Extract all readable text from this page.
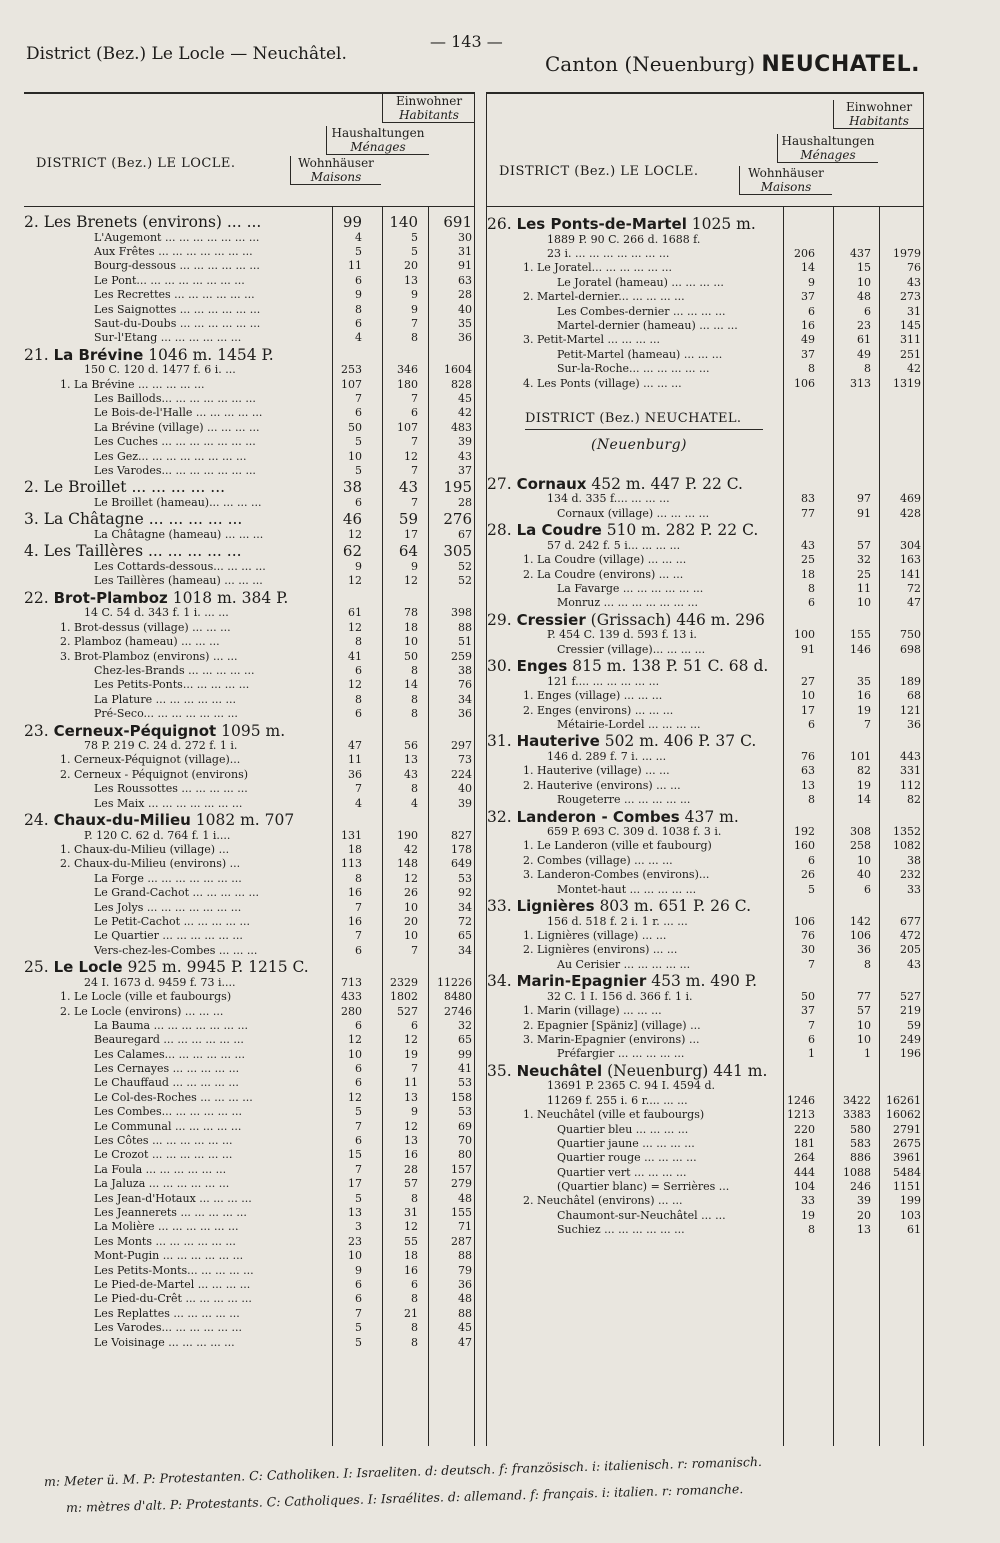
District (Bez.) Le Locle — Neuchâtel.
— 143 —
Canton (Neuenburg) NEUCHATEL.
DISTRICT (Bez.) LE LOCLE.
Einwohner
Habitants
Haushaltungen
Ménages
Wohnhäuser
Maisons
2. Les Brenets (environs) ... ...	99	140	691
L'Augemont ... ... ... ... ... ... ...	4	5	30
Aux Frêtes ... ... ... ... ... ... ...	5	5	31
Bourg-dessous ... ... ... ... ... ...	11	20	91
Le Pont... ... ... ... ... ... ... ...	6	13	63
Les Recrettes ... ... ... ... ... ...	9	9	28
Les Saignottes ... ... ... ... ... ...	8	9	40
Saut-du-Doubs ... ... ... ... ... ...	6	7	35
Sur-l'Etang ... ... ... ... ... ...	4	8	36
21. La Brévine 1046 m. 1454 P.
150 C. 120 d. 1477 f. 6 i. ...	253	346	1604
1. La Brévine ... ... ... ... ...	107	180	828
Les Baillods... ... ... ... ... ... ...	7	7	45
Le Bois-de-l'Halle ... ... ... ... ...	6	6	42
La Brévine (village) ... ... ... ...	50	107	483
Les Cuches ... ... ... ... ... ... ...	5	7	39
Les Gez... ... ... ... ... ... ... ...	10	12	43
Les Varodes... ... ... ... ... ... ...	5	7	37
2. Le Broillet ... ... ... ... ...	38	43	195
Le Broillet (hameau)... ... ... ...	6	7	28
3. La Châtagne ... ... ... ... ...	46	59	276
La Châtagne (hameau) ... ... ...	12	17	67
4. Les Taillères ... ... ... ... ...	62	64	305
Les Cottards-dessous... ... ... ...	9	9	52
Les Taillères (hameau) ... ... ...	12	12	52
22. Brot-Plamboz 1018 m. 384 P.
14 C. 54 d. 343 f. 1 i. ... ...	61	78	398
1. Brot-dessus (village) ... ... ...	12	18	88
2. Plamboz (hameau) ... ... ...	8	10	51
3. Brot-Plamboz (environs) ... ...	41	50	259
Chez-les-Brands ... ... ... ... ...	6	8	38
Les Petits-Ponts... ... ... ... ...	12	14	76
La Plature ... ... ... ... ... ...	8	8	34
Pré-Seco... ... ... ... ... ... ...	6	8	36
23. Cerneux-Péquignot 1095 m.
78 P. 219 C. 24 d. 272 f. 1 i.	47	56	297
1. Cerneux-Péquignot (village)...	11	13	73
2. Cerneux - Péquignot (environs)	36	43	224
Les Roussottes ... ... ... ... ...	7	8	40
Les Maix ... ... ... ... ... ... ...	4	4	39
24. Chaux-du-Milieu 1082 m. 707
P. 120 C. 62 d. 764 f. 1 i....	131	190	827
1. Chaux-du-Milieu (village) ...	18	42	178
2. Chaux-du-Milieu (environs) ...	113	148	649
La Forge ... ... ... ... ... ... ...	8	12	53
Le Grand-Cachot ... ... ... ... ...	16	26	92
Les Jolys ... ... ... ... ... ... ...	7	10	34
Le Petit-Cachot ... ... ... ... ...	16	20	72
Le Quartier ... ... ... ... ... ...	7	10	65
Vers-chez-les-Combes ... ... ...	6	7	34
25. Le Locle 925 m. 9945 P. 1215 C.
24 I. 1673 d. 9459 f. 73 i....	713	2329	11226
1. Le Locle (ville et faubourgs)	433	1802	8480
2. Le Locle (environs) ... ... ...	280	527	2746
La Bauma ... ... ... ... ... ... ...	6	6	32
Beauregard ... ... ... ... ... ...	12	12	65
Les Calames... ... ... ... ... ...	10	19	99
Les Cernayes ... ... ... ... ...	6	7	41
Le Chauffaud ... ... ... ... ...	6	11	53
Le Col-des-Roches ... ... ... ...	12	13	158
Les Combes... ... ... ... ... ...	5	9	53
Le Communal ... ... ... ... ...	7	12	69
Les Côtes ... ... ... ... ... ...	6	13	70
Le Crozot ... ... ... ... ... ...	15	16	80
La Foula ... ... ... ... ... ...	7	28	157
La Jaluza ... ... ... ... ... ...	17	57	279
Les Jean-d'Hotaux ... ... ... ...	5	8	48
Les Jeannerets ... ... ... ... ...	13	31	155
La Molière ... ... ... ... ... ...	3	12	71
Les Monts ... ... ... ... ... ...	23	55	287
Mont-Pugin ... ... ... ... ... ...	10	18	88
Les Petits-Monts... ... ... ... ...	9	16	79
Le Pied-de-Martel ... ... ... ...	6	6	36
Le Pied-du-Crêt ... ... ... ... ...	6	8	48
Les Replattes ... ... ... ... ...	7	21	88
Les Varodes... ... ... ... ... ...	5	8	45
Le Voisinage ... ... ... ... ...	5	8	47
DISTRICT (Bez.) LE LOCLE.
Einwohner
Habitants
Haushaltungen
Ménages
Wohnhäuser
Maisons
26. Les Ponts-de-Martel 1025 m.
1889 P. 90 C. 266 d. 1688 f.
23 i. ... ... ... ... ... ... ...	206	437	1979
1. Le Joratel... ... ... ... ... ...	14	15	76
Le Joratel (hameau) ... ... ... ...	9	10	43
2. Martel-dernier... ... ... ... ...	37	48	273
Les Combes-dernier ... ... ... ...	6	6	31
Martel-dernier (hameau) ... ... ...	16	23	145
3. Petit-Martel ... ... ... ...	49	61	311
Petit-Martel (hameau) ... ... ...	37	49	251
Sur-la-Roche... ... ... ... ... ...	8	8	42
4. Les Ponts (village) ... ... ...	106	313	1319
DISTRICT (Bez.) NEUCHATEL.
(Neuenburg)
27. Cornaux 452 m. 447 P. 22 C.
134 d. 335 f.... ... ... ...	83	97	469
Cornaux (village) ... ... ... ...	77	91	428
28. La Coudre 510 m. 282 P. 22 C.
57 d. 242 f. 5 i... ... ... ...	43	57	304
1. La Coudre (village) ... ... ...	25	32	163
2. La Coudre (environs) ... ...	18	25	141
La Favarge ... ... ... ... ... ...	8	11	72
Monruz ... ... ... ... ... ... ...	6	10	47
29. Cressier (Grissach) 446 m. 296
P. 454 C. 139 d. 593 f. 13 i.	100	155	750
Cressier (village)... ... ... ...	91	146	698
30. Enges 815 m. 138 P. 51 C. 68 d.
121 f.... ... ... ... ... ...	27	35	189
1. Enges (village) ... ... ...	10	16	68
2. Enges (environs) ... ... ...	17	19	121
Métairie-Lordel ... ... ... ...	6	7	36
31. Hauterive 502 m. 406 P. 37 C.
146 d. 289 f. 7 i. ... ...	76	101	443
1. Hauterive (village) ... ...	63	82	331
2. Hauterive (environs) ... ...	13	19	112
Rougeterre ... ... ... ... ...	8	14	82
32. Landeron - Combes 437 m.
659 P. 693 C. 309 d. 1038 f. 3 i.	192	308	1352
1. Le Landeron (ville et faubourg)	160	258	1082
2. Combes (village) ... ... ...	6	10	38
3. Landeron-Combes (environs)...	26	40	232
Montet-haut ... ... ... ... ...	5	6	33
33. Lignières 803 m. 651 P. 26 C.
156 d. 518 f. 2 i. 1 r. ... ...	106	142	677
1. Lignières (village) ... ...	76	106	472
2. Lignières (environs) ... ...	30	36	205
Au Cerisier ... ... ... ... ...	7	8	43
34. Marin-Epagnier 453 m. 490 P.
32 C. 1 I. 156 d. 366 f. 1 i.	50	77	527
1. Marin (village) ... ... ...	37	57	219
2. Epagnier [Späniz] (village) ...	7	10	59
3. Marin-Epagnier (environs) ...	6	10	249
Préfargier ... ... ... ... ...	1	1	196
35. Neuchâtel (Neuenburg) 441 m.
13691 P. 2365 C. 94 I. 4594 d.
11269 f. 255 i. 6 r.... ... ...	1246	3422	16261
1. Neuchâtel (ville et faubourgs)	1213	3383	16062
Quartier bleu ... ... ... ...	220	580	2791
Quartier jaune ... ... ... ...	181	583	2675
Quartier rouge ... ... ... ...	264	886	3961
Quartier vert ... ... ... ...	444	1088	5484
(Quartier blanc) = Serrières ...	104	246	1151
2. Neuchâtel (environs) ... ...	33	39	199
Chaumont-sur-Neuchâtel ... ...	19	20	103
Suchiez ... ... ... ... ... ...	8	13	61
m: Meter ü. M. P: Protestanten. C: Catholiken. I: Israeliten. d: deutsch. f: französisch. i: italienisch. r: romanisch.
m: mètres d'alt. P: Protestants. C: Catholiques. I: Israélites. d: allemand. f: français. i: italien. r: romanche.
